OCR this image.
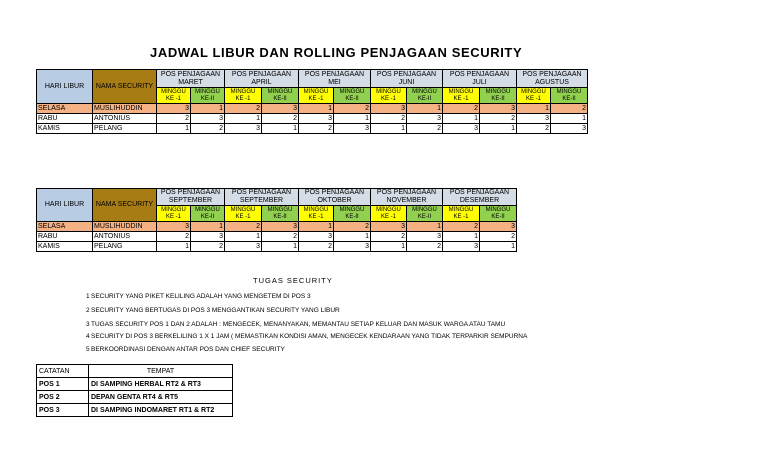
JADWAL LIBUR DAN ROLLING PENJAGAAN SECURITY
HARI LIBUR	NAMA SECURITY	POS PENJAGAAN MARET		POS PENJAGAAN APRIL		POS PENJAGAAN MEI		POS PENJAGAAN JUNI		POS PENJAGAAN JULI		POS PENJAGAAN AGUSTUS	
		MINGGU KE -1	MINGGU KE-II	MINGGU KE -1	MINGGU KE-II	MINGGU KE -1	MINGGU KE-II	MINGGU KE -1	MINGGU KE-II	MINGGU KE -1	MINGGU KE-II	MINGGU KE -1	MINGGU KE-II
SELASA	MUSLIHUDDIN	3	1	2	3	1	2	3	1	2	3	1	2
RABU	ANTONIUS	2	3	1	2	3	1	2	3	1	2	3	1
KAMIS	PELANG	1	2	3	1	2	3	1	2	3	1	2	3
HARI LIBUR	NAMA SECURITY	POS PENJAGAAN SEPTEMBER		POS PENJAGAAN SEPTEMBER		POS PENJAGAAN OKTOBER		POS PENJAGAAN NOVEMBER		POS PENJAGAAN DESEMBER	
		MINGGU KE -1	MINGGU KE-II	MINGGU KE -1	MINGGU KE-II	MINGGU KE -1	MINGGU KE-II	MINGGU KE -1	MINGGU KE-II	MINGGU KE -1	MINGGU KE-II
SELASA	MUSLIHUDDIN	3	1	2	3	1	2	3	1	2	3
RABU	ANTONIUS	2	3	1	2	3	1	2	3	1	2
KAMIS	PELANG	1	2	3	1	2	3	1	2	3	1
TUGAS SECURITY
1SECURITY YANG PIKET KELILING ADALAH YANG MENGETEM DI POS 3
2SECURITY YANG BERTUGAS DI POS 3 MENGGANTIKAN SECURITY YANG LIBUR
3TUGAS SECURITY POS 1 DAN 2 ADALAH : MENGECEK, MENANYAKAN, MEMANTAU SETIAP KELUAR DAN MASUK WARGA ATAU TAMU
4SECURITY DI POS 3 BERKELILING 1 X 1 JAM ( MEMASTIKAN KONDISI AMAN, MENGECEK KENDARAAN YANG TIDAK TERPARKIR SEMPURNA
5BERKOORDINASI DENGAN ANTAR POS DAN CHIEF SECURITY
CATATAN	TEMPAT
POS 1	DI SAMPING HERBAL RT2 & RT3
POS 2	DEPAN GENTA RT4 & RT5
POS 3	DI SAMPING INDOMARET RT1 & RT2
